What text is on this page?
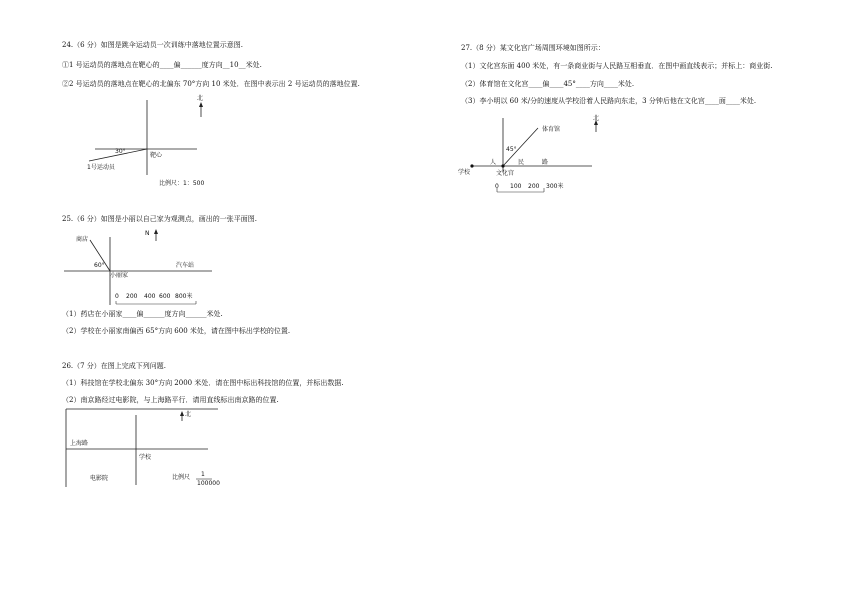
24.（6 分）如图是跳伞运动员一次训练中落地位置示意图.
①1 号运动员的落地点在靶心的____偏______度方向__10__米处.
②2 号运动员的落地点在靶心的北偏东 70°方向 10 米处．在图中表示出 2 号运动员的落地位置.
北
30°
靶心
1号运动员
比例尺：1：500
25.（6 分）如图是小丽以自己家为观测点，画出的一张平面图.
商店
N
60°	汽车站
小丽家
0 200 400 600 800米
（1）药店在小丽家____偏______度方向______米处.
（2）学校在小丽家南偏西 65°方向 600 米处，请在图中标出学校的位置.
26.（7 分）在图上完成下列问题.
（1）科技馆在学校北偏东 30°方向 2000 米处．请在图中标出科技馆的位置，并标出数据.
（2）南京路经过电影院，与上海路平行．请用直线标出南京路的位置.
北
上海路
学校
电影院	比例尺 1
100000
27.（8 分）某文化宫广场周围环境如图所示：
（1）文化宫东面 400 米处，有一条商业街与人民路互相垂直．在图中画直线表示；并标上：商业街.
（2）体育馆在文化宫____偏____45°____方向____米处.
（3）李小明以 60 米/分的速度从学校沿着人民路向东走，3 分钟后他在文化宫____面____米处.
北
体育馆
45°
人	民	路
学校	文化宫
0 100 200 300米
